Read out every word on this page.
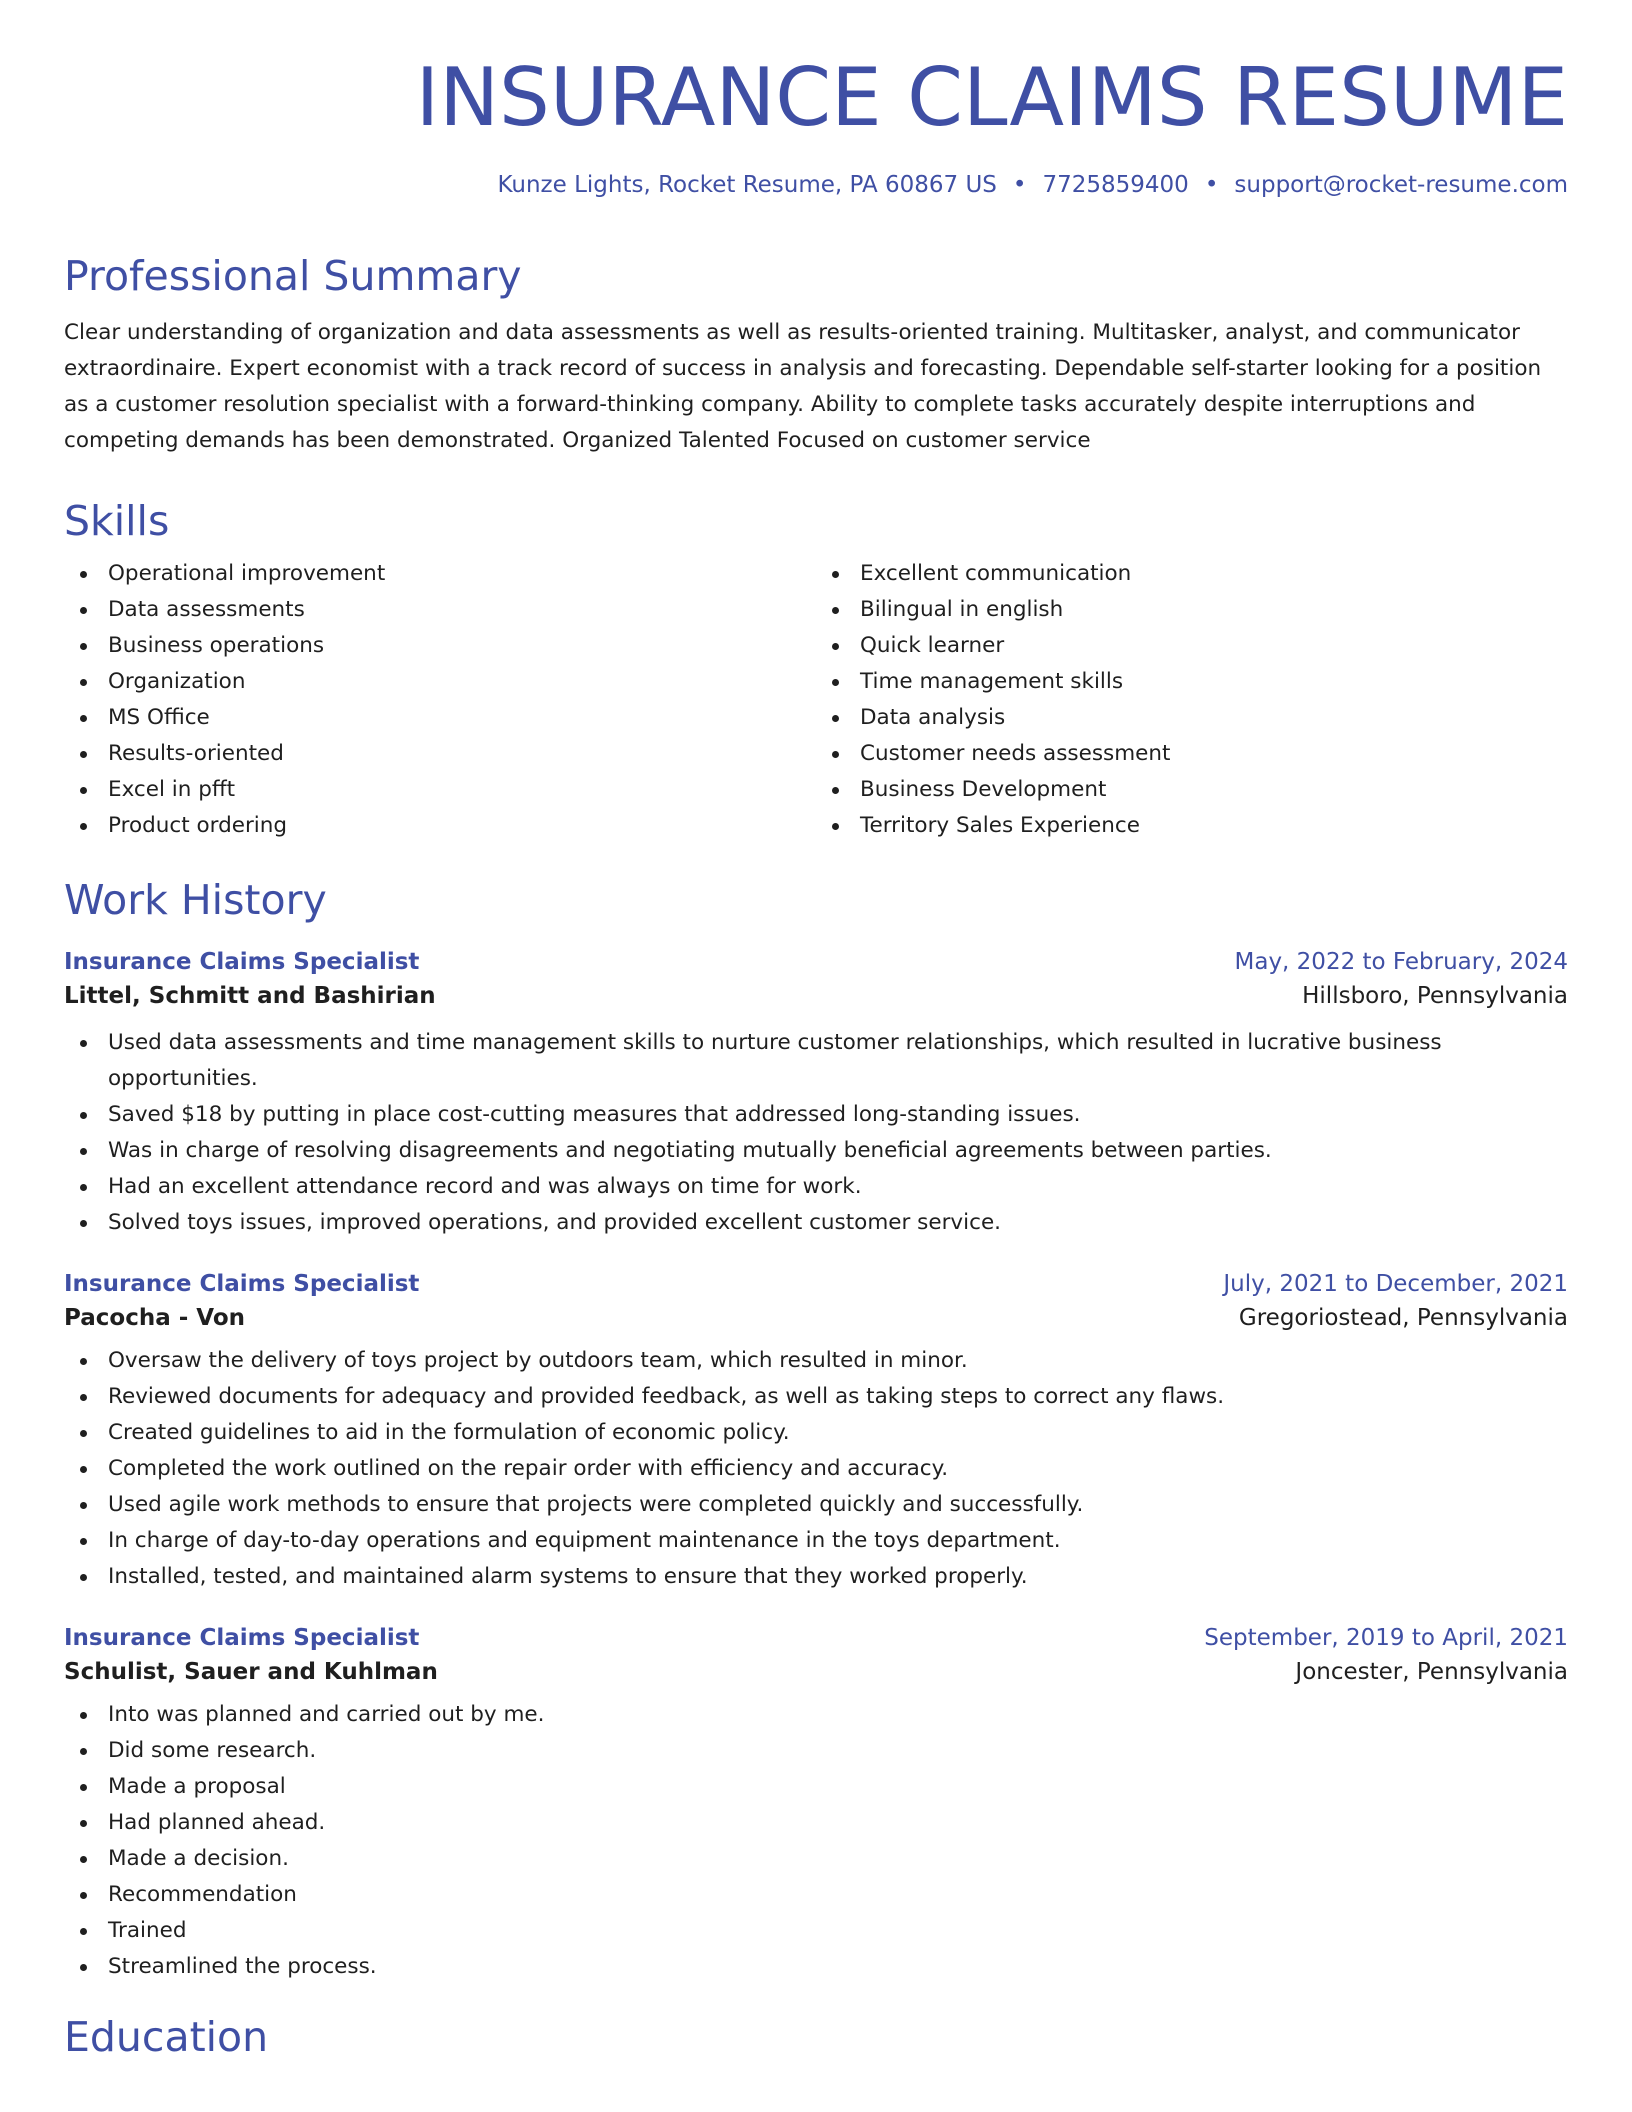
INSURANCE CLAIMS RESUME
Kunze Lights, Rocket Resume, PA 60867 US • 7725859400 • support@rocket-resume.com
Professional Summary

Clear understanding of organization and data assessments as well as results-oriented training. Multitasker, analyst, and communicator extraordinaire. Expert economist with a track record of success in analysis and forecasting. Dependable self-starter looking for a position as a customer resolution specialist with a forward-thinking company. Ability to complete tasks accurately despite interruptions and competing demands has been demonstrated. Organized Talented Focused on customer service

Skills
Operational improvement
Data assessments
Business operations
Organization
MS Office
Results-oriented
Excel in pfft
Product ordering
Excellent communication
Bilingual in english
Quick learner
Time management skills
Data analysis
Customer needs assessment
Business Development
Territory Sales Experience
Work History
Insurance Claims Specialist	May, 2022 to February, 2024
Littel, Schmitt and Bashirian	Hillsboro, Pennsylvania
Used data assessments and time management skills to nurture customer relationships, which resulted in lucrative business opportunities.
Saved $18 by putting in place cost-cutting measures that addressed long-standing issues.
Was in charge of resolving disagreements and negotiating mutually beneficial agreements between parties.
Had an excellent attendance record and was always on time for work.
Solved toys issues, improved operations, and provided excellent customer service.
Insurance Claims Specialist	July, 2021 to December, 2021
Pacocha - Von	Gregoriostead, Pennsylvania
Oversaw the delivery of toys project by outdoors team, which resulted in minor.
Reviewed documents for adequacy and provided feedback, as well as taking steps to correct any flaws.
Created guidelines to aid in the formulation of economic policy.
Completed the work outlined on the repair order with efficiency and accuracy.
Used agile work methods to ensure that projects were completed quickly and successfully.
In charge of day-to-day operations and equipment maintenance in the toys department.
Installed, tested, and maintained alarm systems to ensure that they worked properly.
Insurance Claims Specialist	September, 2019 to April, 2021
Schulist, Sauer and Kuhlman	Joncester, Pennsylvania
Into was planned and carried out by me.
Did some research.
Made a proposal
Had planned ahead.
Made a decision.
Recommendation
Trained
Streamlined the process.
Education
